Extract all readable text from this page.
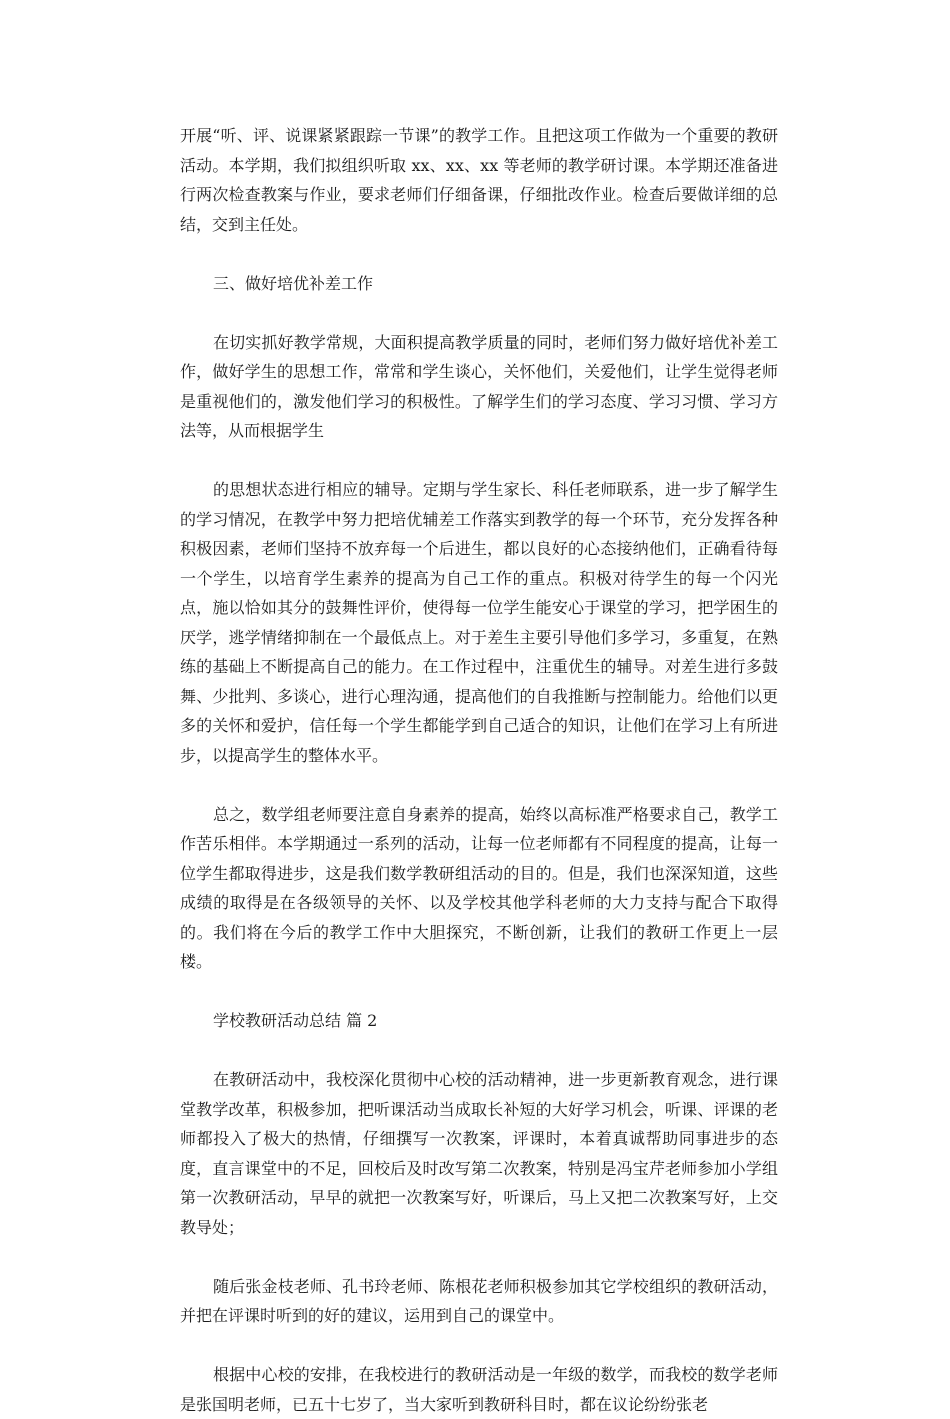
开展“听、评、说课紧紧跟踪一节课”的教学工作。且把这项工作做为一个重要的教研活动。本学期，我们拟组织听取 xx、xx、xx 等老师的教学研讨课。本学期还准备进行两次检查教案与作业，要求老师们仔细备课，仔细批改作业。检查后要做详细的总结，交到主任处。

三、做好培优补差工作

在切实抓好教学常规，大面积提高教学质量的同时，老师们努力做好培优补差工作，做好学生的思想工作，常常和学生谈心，关怀他们，关爱他们，让学生觉得老师是重视他们的，激发他们学习的积极性。了解学生们的学习态度、学习习惯、学习方法等，从而根据学生

的思想状态进行相应的辅导。定期与学生家长、科任老师联系，进一步了解学生的学习情况，在教学中努力把培优辅差工作落实到教学的每一个环节，充分发挥各种积极因素，老师们坚持不放弃每一个后进生，都以良好的心态接纳他们，正确看待每一个学生，以培育学生素养的提高为自己工作的重点。积极对待学生的每一个闪光点，施以恰如其分的鼓舞性评价，使得每一位学生能安心于课堂的学习，把学困生的厌学，逃学情绪抑制在一个最低点上。对于差生主要引导他们多学习，多重复，在熟练的基础上不断提高自己的能力。在工作过程中，注重优生的辅导。对差生进行多鼓舞、少批判、多谈心，进行心理沟通，提高他们的自我推断与控制能力。给他们以更多的关怀和爱护，信任每一个学生都能学到自己适合的知识，让他们在学习上有所进步，以提高学生的整体水平。

总之，数学组老师要注意自身素养的提高，始终以高标准严格要求自己，教学工作苦乐相伴。本学期通过一系列的活动，让每一位老师都有不同程度的提高，让每一位学生都取得进步，这是我们数学教研组活动的目的。但是，我们也深深知道，这些成绩的取得是在各级领导的关怀、以及学校其他学科老师的大力支持与配合下取得的。我们将在今后的教学工作中大胆探究，不断创新，让我们的教研工作更上一层楼。

学校教研活动总结 篇 2

在教研活动中，我校深化贯彻中心校的活动精神，进一步更新教育观念，进行课堂教学改革，积极参加，把听课活动当成取长补短的大好学习机会，听课、评课的老师都投入了极大的热情，仔细撰写一次教案，评课时，本着真诚帮助同事进步的态度，直言课堂中的不足，回校后及时改写第二次教案，特别是冯宝芹老师参加小学组第一次教研活动，早早的就把一次教案写好，听课后，马上又把二次教案写好，上交教导处；

随后张金枝老师、孔书玲老师、陈根花老师积极参加其它学校组织的教研活动，并把在评课时听到的好的建议，运用到自己的课堂中。

根据中心校的安排，在我校进行的教研活动是一年级的数学，而我校的数学老师是张国明老师，已五十七岁了，当大家听到教研科目时，都在议论纷纷张老
